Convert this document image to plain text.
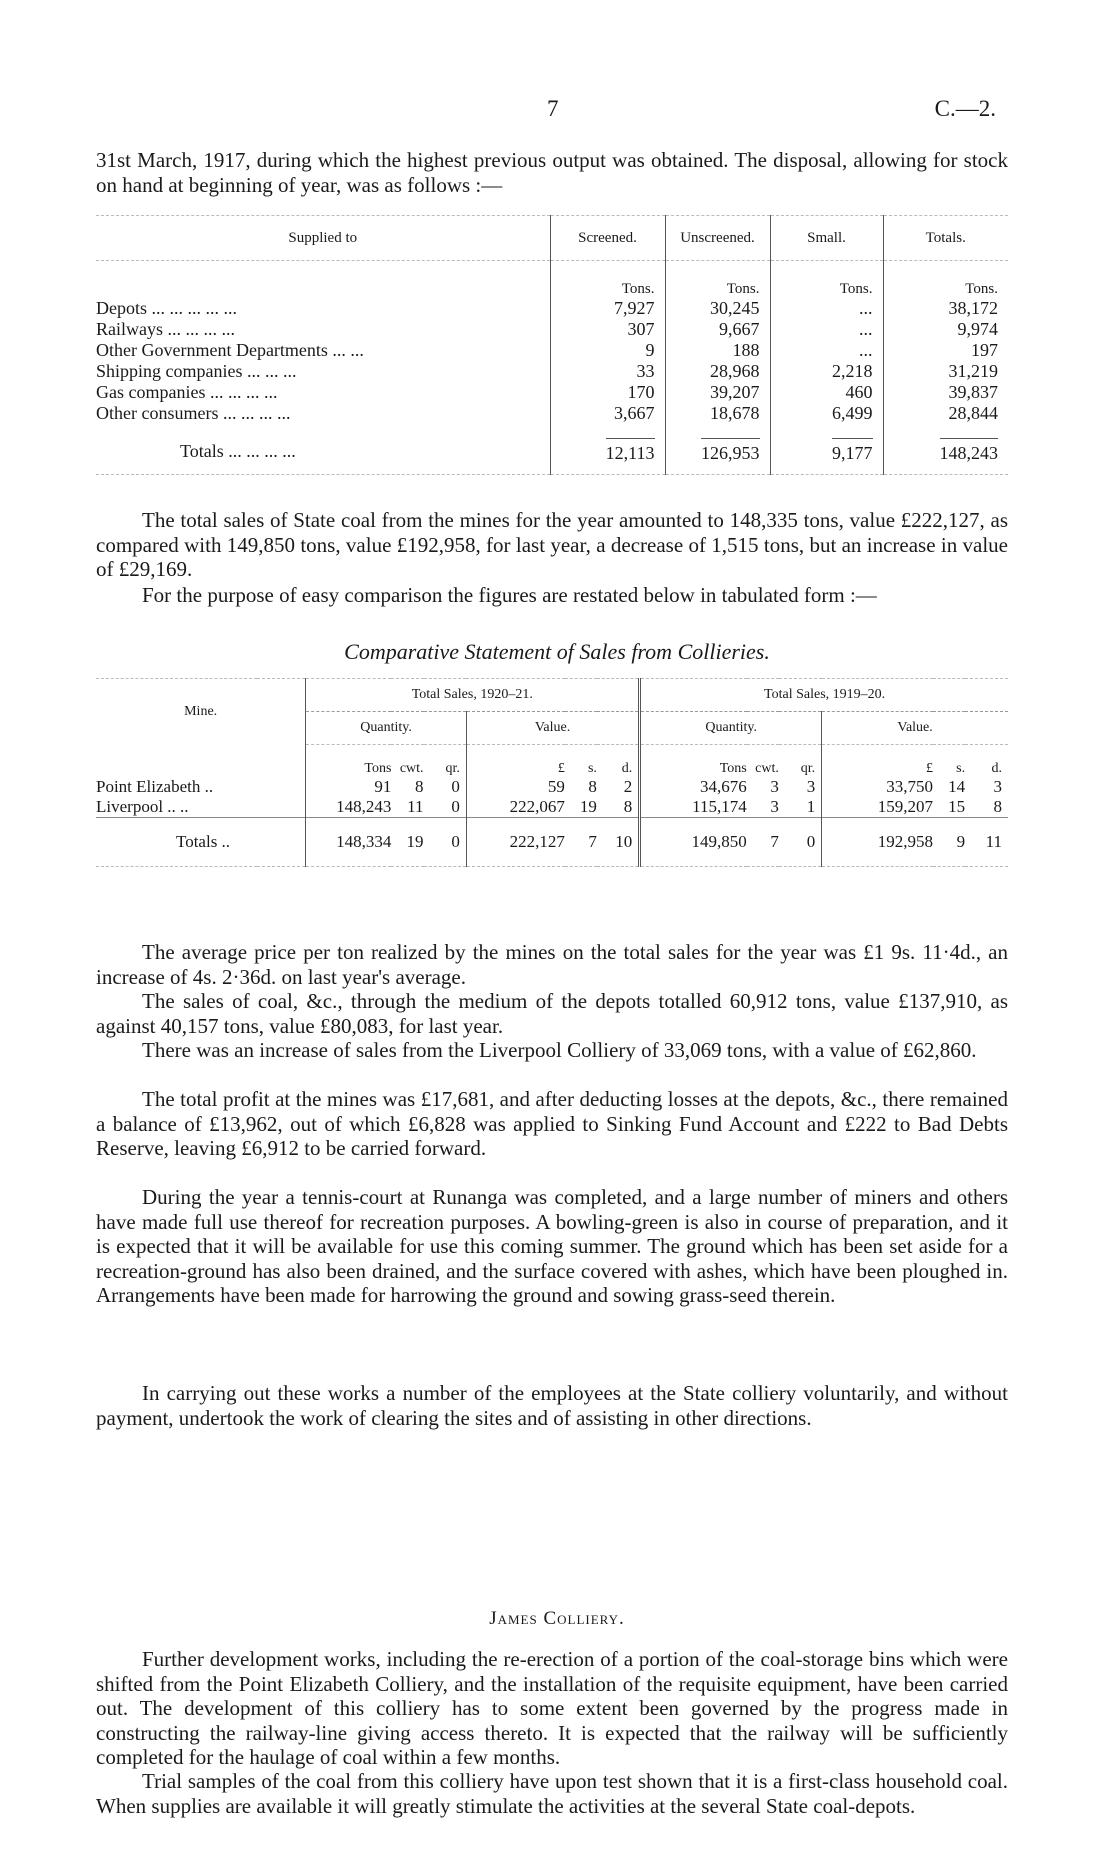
7	C.—2.

31st March, 1917, during which the highest previous output was obtained. The disposal, allowing for stock on hand at beginning of year, was as follows :—

Supplied to	Screened.	Unscreened.	Small.	Totals.
	Tons.	Tons.	Tons.	Tons.
Depots ... ... ... ... ...	7,927	30,245	...	38,172
Railways ... ... ... ...	307	9,667	...	9,974
Other Government Departments ... ...	9	188	...	197
Shipping companies ... ... ...	33	28,968	2,218	31,219
Gas companies ... ... ... ...	170	39,207	460	39,837
Other consumers ... ... ... ...	3,667	18,678	6,499	28,844
Totals ... ... ... ...	12,113	126,953	9,177	148,243

The total sales of State coal from the mines for the year amounted to 148,335 tons, value £222,127, as compared with 149,850 tons, value £192,958, for last year, a decrease of 1,515 tons, but an increase in value of £29,169.

For the purpose of easy comparison the figures are restated below in tabulated form :—

Comparative Statement of Sales from Collieries.
Mine.	Total Sales, 1920–21.						Total Sales, 1919–20.					
	Quantity.			Value.			Quantity.			Value.		
	Tons	cwt.	qr.	£	s.	d.	Tons	cwt.	qr.	£	s.	d.
Point Elizabeth ..	91	8	0	59	8	2	34,676	3	3	33,750	14	3
Liverpool .. ..	148,243	11	0	222,067	19	8	115,174	3	1	159,207	15	8
Totals ..	148,334	19	0	222,127	7	10	149,850	7	0	192,958	9	11

The average price per ton realized by the mines on the total sales for the year was £1 9s. 11·4d., an increase of 4s. 2·36d. on last year's average.

The sales of coal, &c., through the medium of the depots totalled 60,912 tons, value £137,910, as against 40,157 tons, value £80,083, for last year.

There was an increase of sales from the Liverpool Colliery of 33,069 tons, with a value of £62,860.

The total profit at the mines was £17,681, and after deducting losses at the depots, &c., there remained a balance of £13,962, out of which £6,828 was applied to Sinking Fund Account and £222 to Bad Debts Reserve, leaving £6,912 to be carried forward.

During the year a tennis-court at Runanga was completed, and a large number of miners and others have made full use thereof for recreation purposes. A bowling-green is also in course of preparation, and it is expected that it will be available for use this coming summer. The ground which has been set aside for a recreation-ground has also been drained, and the surface covered with ashes, which have been ploughed in. Arrangements have been made for harrowing the ground and sowing grass-seed therein.

In carrying out these works a number of the employees at the State colliery voluntarily, and without payment, undertook the work of clearing the sites and of assisting in other directions.

James Colliery.

Further development works, including the re-erection of a portion of the coal-storage bins which were shifted from the Point Elizabeth Colliery, and the installation of the requisite equipment, have been carried out. The development of this colliery has to some extent been governed by the progress made in constructing the railway-line giving access thereto. It is expected that the railway will be sufficiently completed for the haulage of coal within a few months.

Trial samples of the coal from this colliery have upon test shown that it is a first-class household coal. When supplies are available it will greatly stimulate the activities at the several State coal-depots.
